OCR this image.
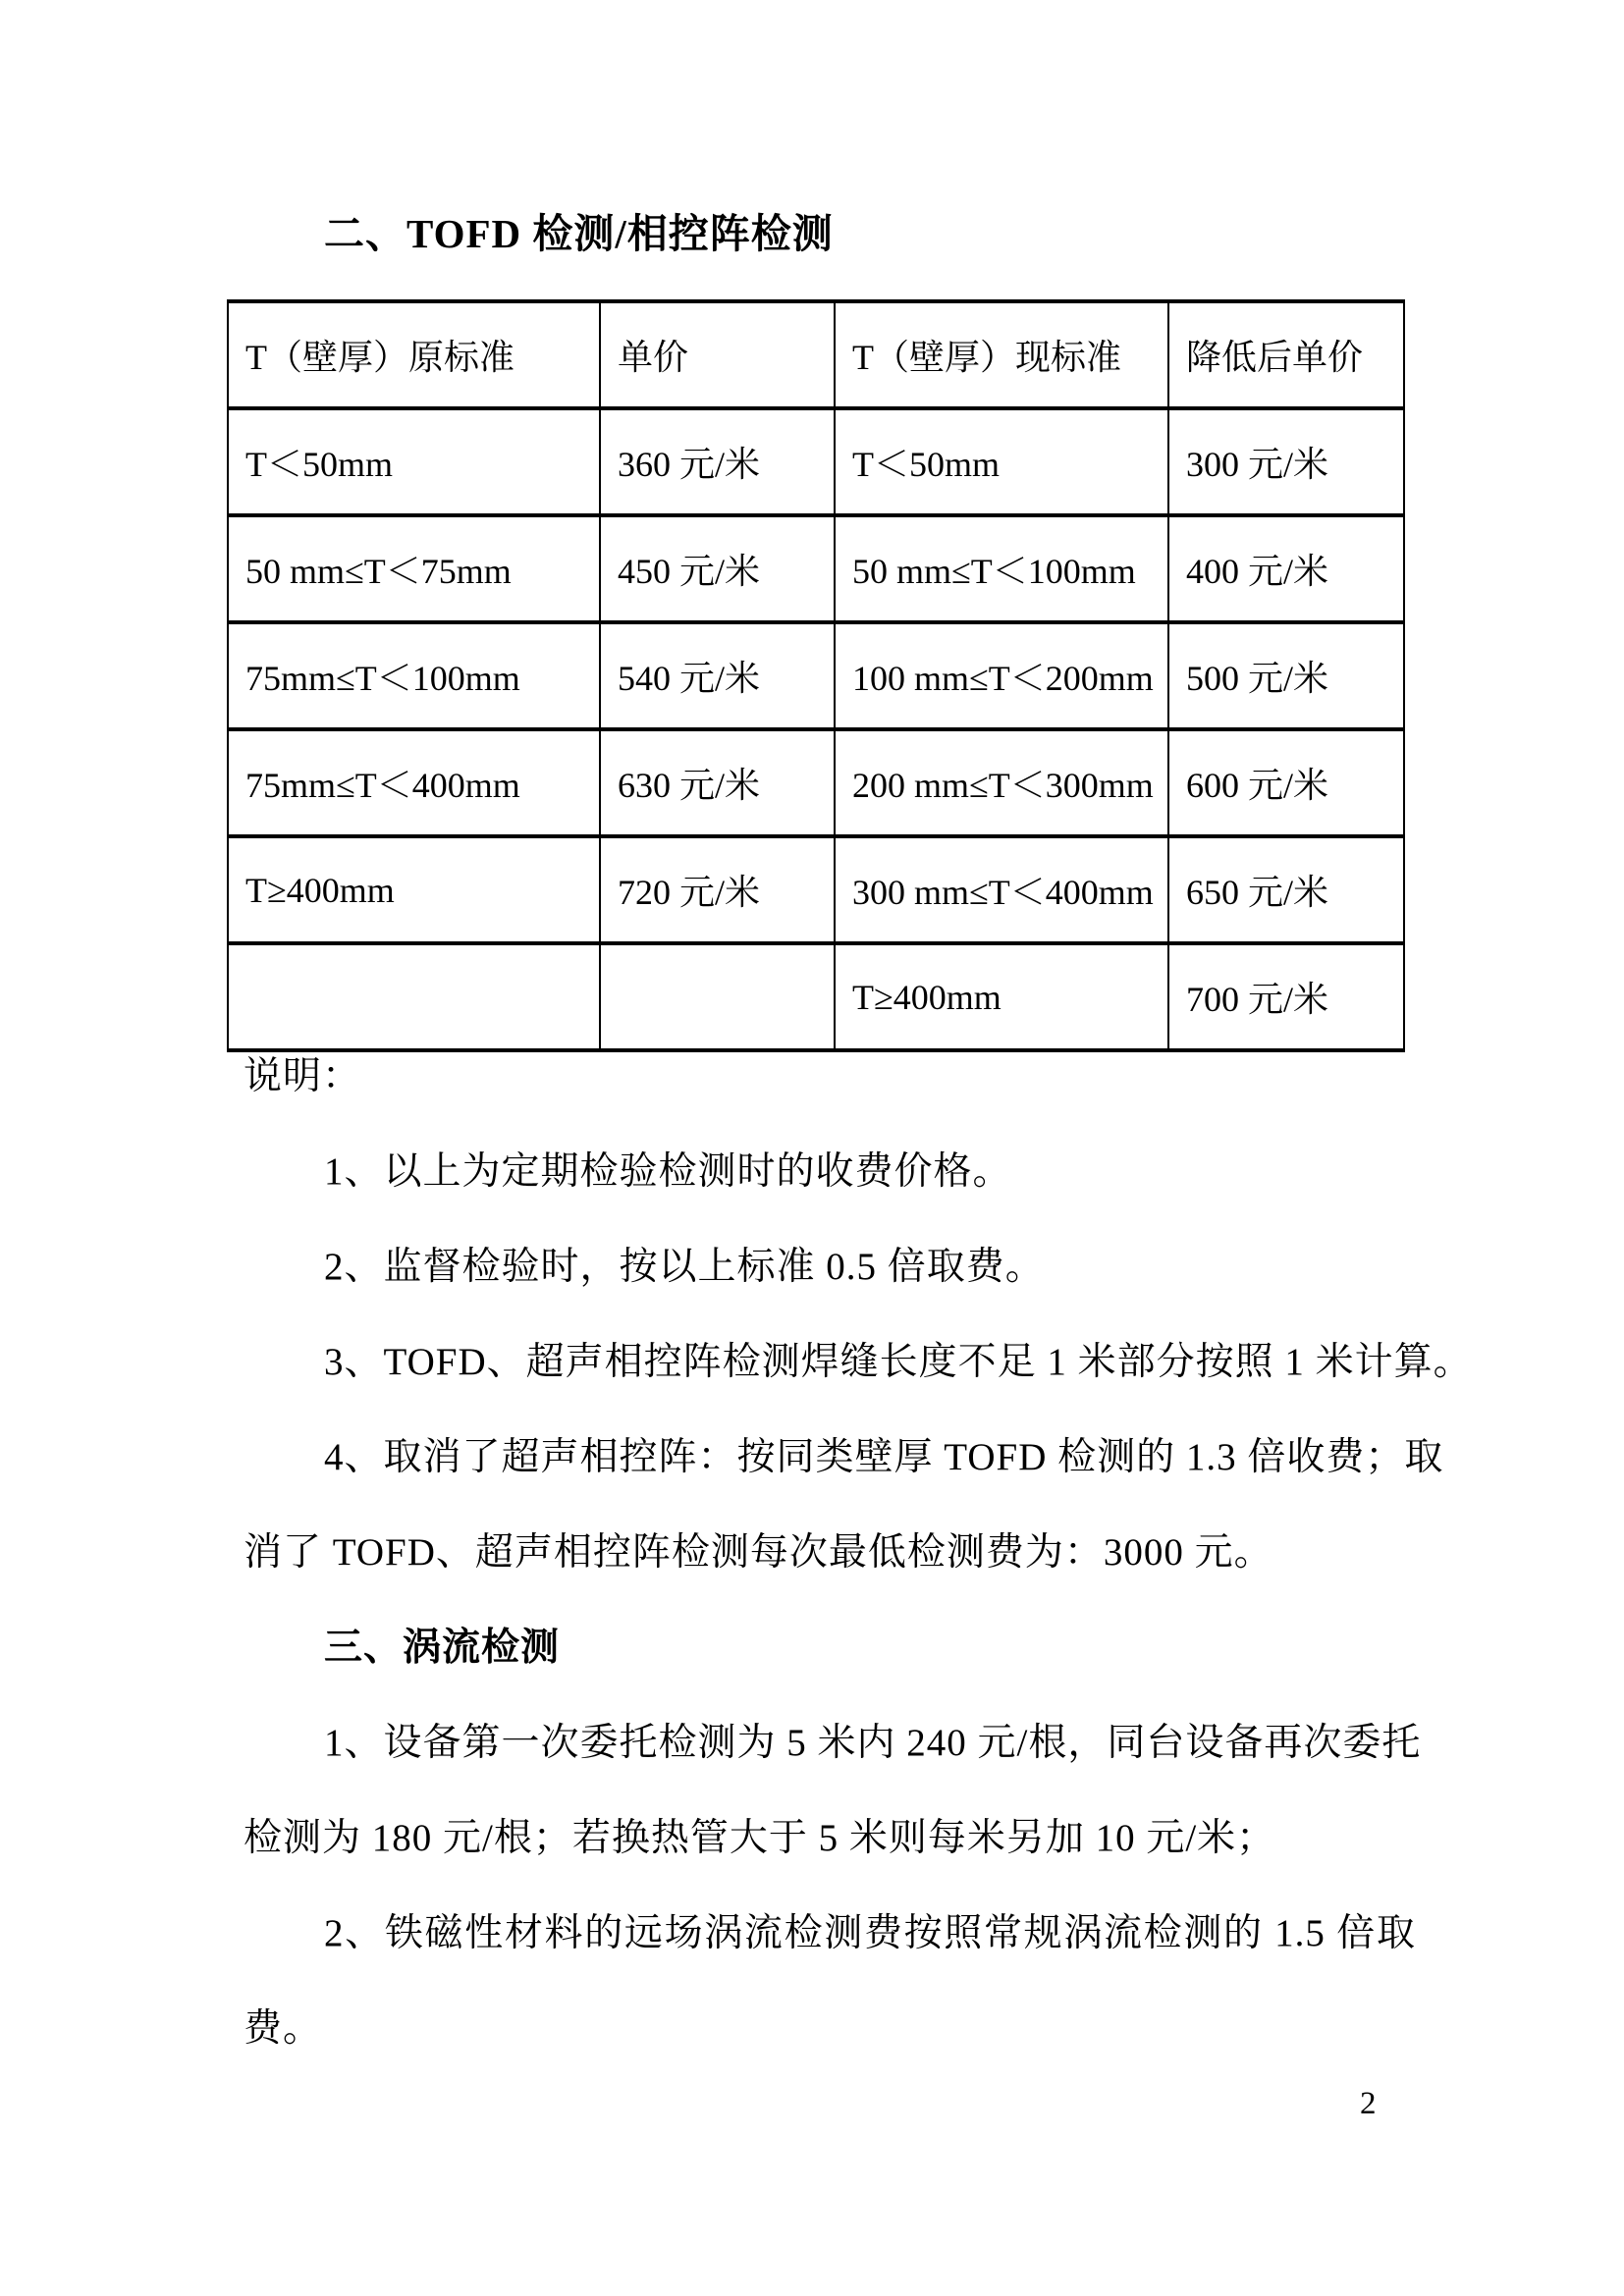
二、TOFD 检测/相控阵检测
T（壁厚）原标准	单价	T（壁厚）现标准	降低后单价
T＜50mm	360 元/米	T＜50mm	300 元/米
50 mm≤T＜75mm	450 元/米	50 mm≤T＜100mm	400 元/米
75mm≤T＜100mm	540 元/米	100 mm≤T＜200mm	500 元/米
75mm≤T＜400mm	630 元/米	200 mm≤T＜300mm	600 元/米
T≥400mm	720 元/米	300 mm≤T＜400mm	650 元/米
		T≥400mm	700 元/米
说明：
1、以上为定期检验检测时的收费价格。
2、监督检验时，按以上标准 0.5 倍取费。
3、TOFD、超声相控阵检测焊缝长度不足 1 米部分按照 1 米计算。
4、取消了超声相控阵：按同类壁厚 TOFD 检测的 1.3 倍收费；取
消了 TOFD、超声相控阵检测每次最低检测费为：3000 元。
三、涡流检测
1、设备第一次委托检测为 5 米内 240 元/根，同台设备再次委托
检测为 180 元/根；若换热管大于 5 米则每米另加 10 元/米；
2、铁磁性材料的远场涡流检测费按照常规涡流检测的 1.5 倍取
费。
2
